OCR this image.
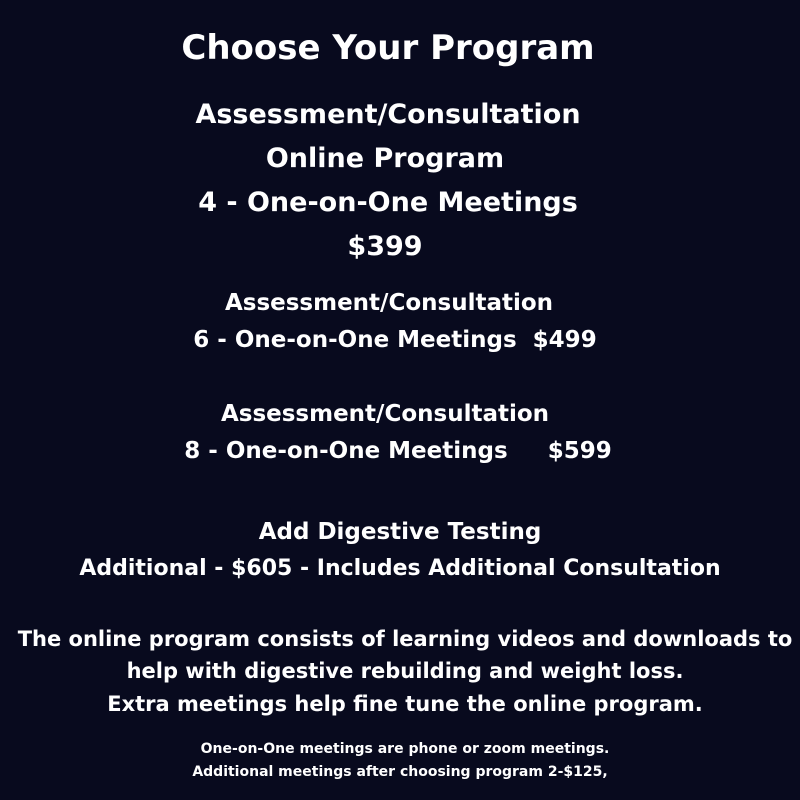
Choose Your Program
Assessment/Consultation
Online Program
4 - One-on-One Meetings
$399
Assessment/Consultation
6 - One-on-One Meetings  $499
Assessment/Consultation
8 - One-on-One Meetings     $599
Add Digestive Testing
Additional - $605 - Includes Additional Consultation
The online program consists of learning videos and downloads to
help with digestive rebuilding and weight loss.
Extra meetings help fine tune the online program.
One-on-One meetings are phone or zoom meetings.
Additional meetings after choosing program 2-$125,
